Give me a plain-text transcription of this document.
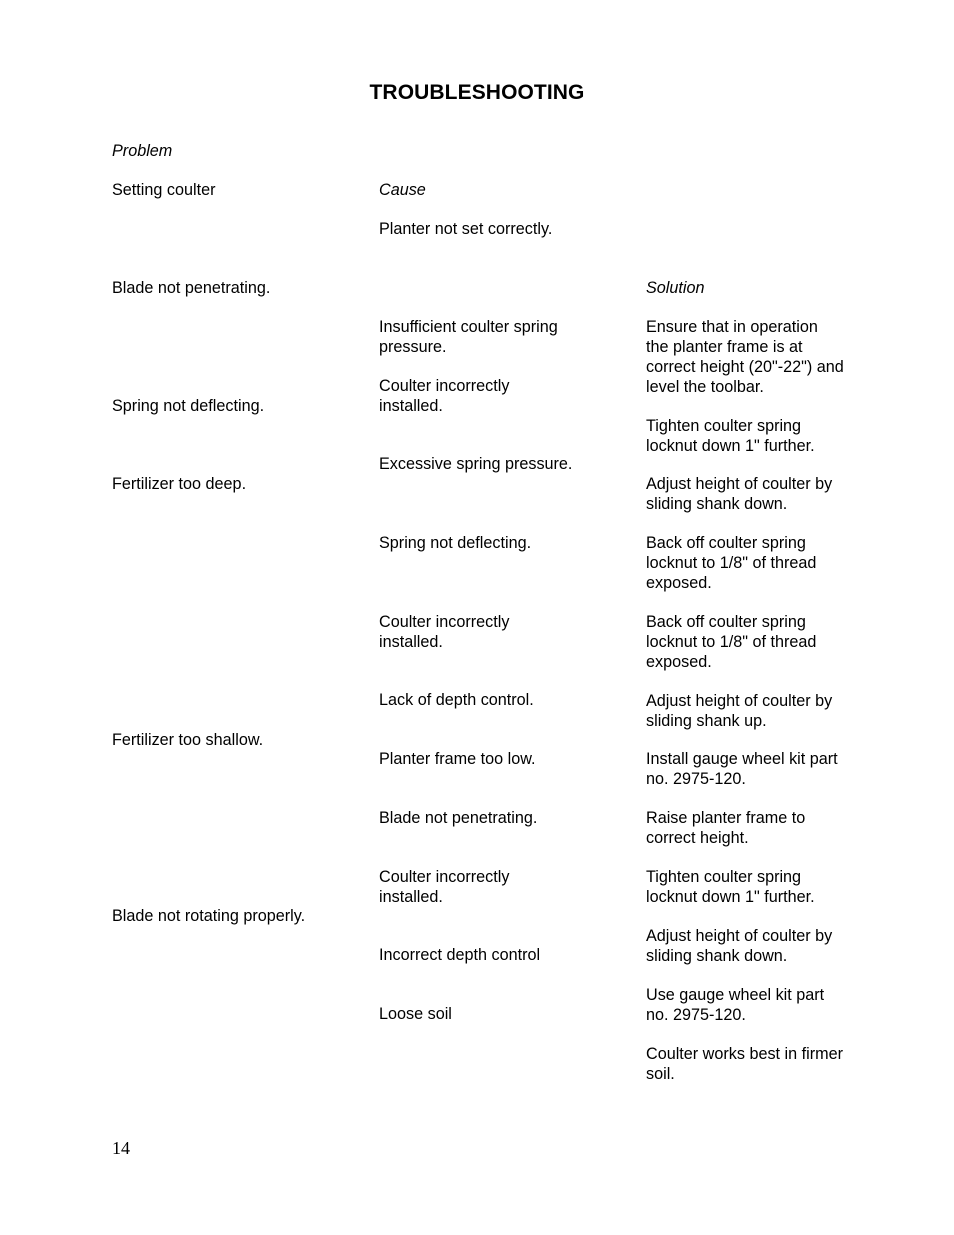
TROUBLESHOOTING
Problem
Cause
Solution
Setting coulter
Blade not penetrating.
Spring not deflecting.
Fertilizer too deep.
Fertilizer too shallow.
Blade not rotating properly.
Planter not set correctly.
Insufficient coulter spring
pressure.
Coulter incorrectly
installed.
Excessive spring pressure.
Spring not deflecting.
Coulter incorrectly
installed.
Lack of depth control.
Planter frame too low.
Blade not penetrating.
Coulter incorrectly
installed.
Incorrect depth control
Loose soil
Ensure that in operation
the planter frame is at
correct height (20"-22") and
level the toolbar.
Tighten coulter spring
locknut down 1" further.
Adjust height of coulter by
sliding shank down.
Back off coulter spring
locknut to 1/8" of thread
exposed.
Back off coulter spring
locknut to 1/8" of thread
exposed.
Adjust height of coulter by
sliding shank up.
Install gauge wheel kit part
no. 2975-120.
Raise planter frame to
correct height.
Tighten coulter spring
locknut down 1" further.
Adjust height of coulter by
sliding shank down.
Use gauge wheel kit part
no. 2975-120.
Coulter works best in firmer
soil.
14
